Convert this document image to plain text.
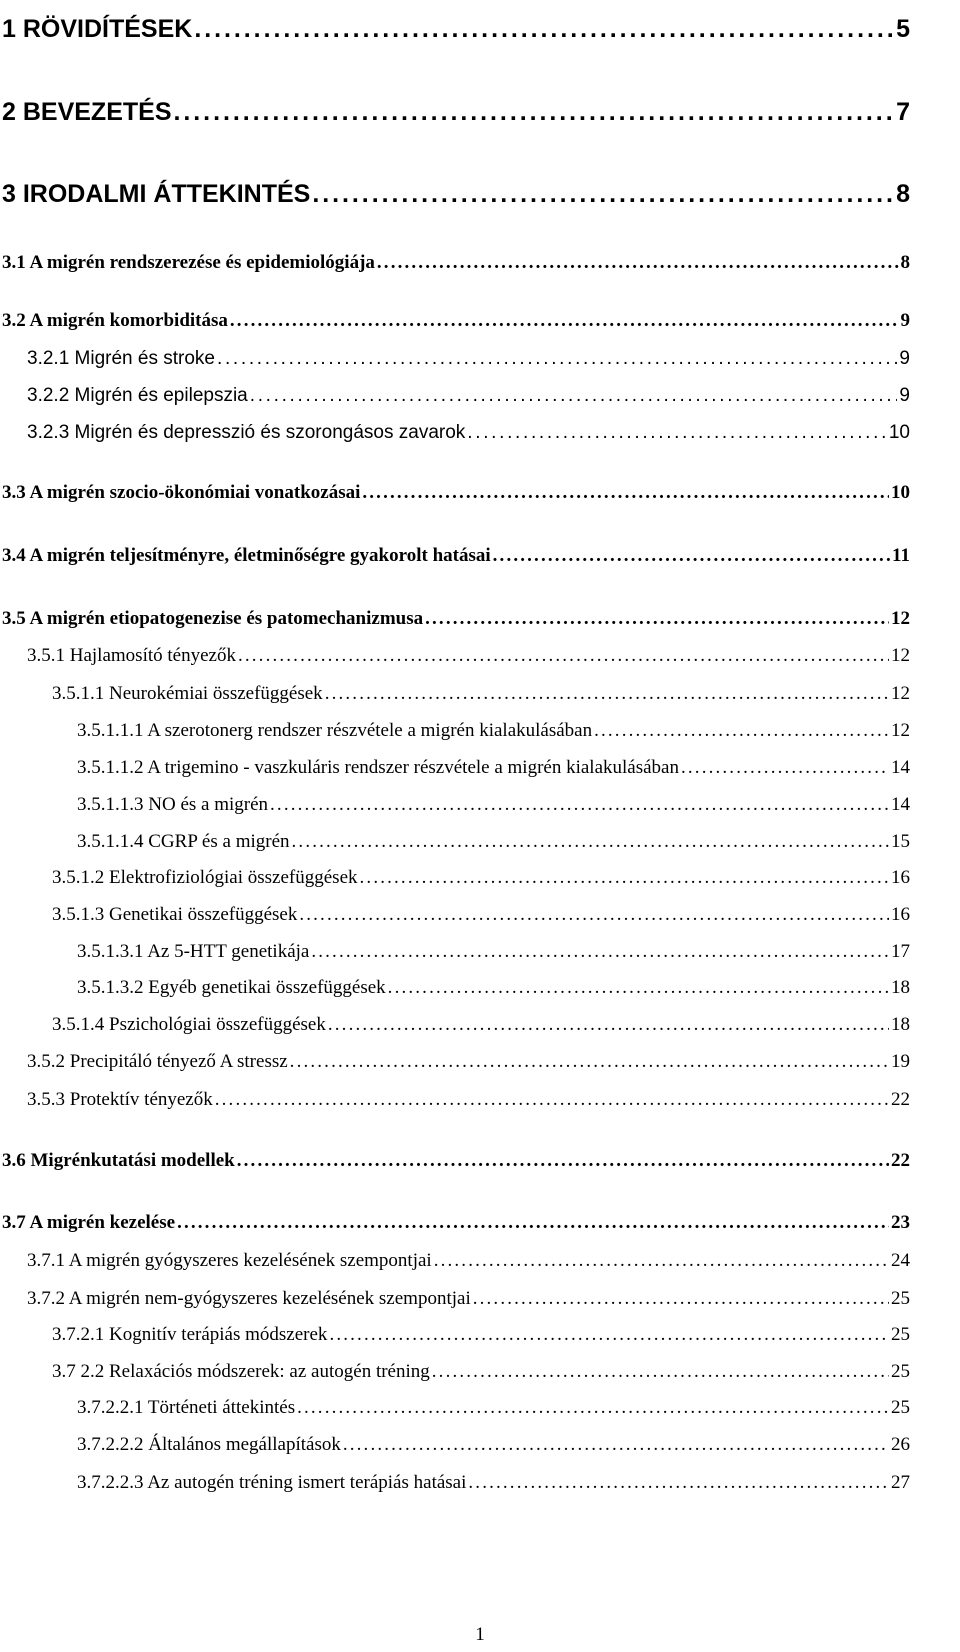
1 RÖVIDÍTÉSEK . . .	5
2 BEVEZETÉS . . .	7
3 IRODALMI ÁTTEKINTÉS . . .	8
3.1 A migrén rendszerezése és epidemiológiája . . .	8
3.2 A migrén komorbiditása . . .	9
3.2.1 Migrén és stroke . . .	9
3.2.2 Migrén és epilepszia . . .	9
3.2.3 Migrén és depresszió és szorongásos zavarok . . .	10
3.3 A migrén szocio-ökonómiai vonatkozásai . . .	10
3.4 A migrén teljesítményre, életminőségre gyakorolt hatásai . . .	11
3.5 A migrén etiopatogenezise és patomechanizmusa . . .	12
3.5.1 Hajlamosító tényezők . . .	12
3.5.1.1 Neurokémiai összefüggések . . .	12
3.5.1.1.1 A szerotonerg rendszer részvétele a migrén kialakulásában . . .	12
3.5.1.1.2 A trigemino - vaszkuláris rendszer részvétele a migrén kialakulásában . . .	14
3.5.1.1.3 NO és a migrén . . .	14
3.5.1.1.4 CGRP és a migrén . . .	15
3.5.1.2 Elektrofiziológiai összefüggések . . .	16
3.5.1.3 Genetikai összefüggések . . .	16
3.5.1.3.1 Az 5-HTT genetikája . . .	17
3.5.1.3.2 Egyéb genetikai összefüggések . . .	18
3.5.1.4 Pszichológiai összefüggések . . .	18
3.5.2 Precipitáló tényező A stressz . . .	19
3.5.3 Protektív tényezők . . .	22
3.6 Migrénkutatási modellek . . .	22
3.7 A migrén kezelése . . .	23
3.7.1 A migrén gyógyszeres kezelésének szempontjai . . .	24
3.7.2 A migrén nem-gyógyszeres kezelésének szempontjai . . .	25
3.7.2.1 Kognitív terápiás módszerek . . .	25
3.7 2.2 Relaxációs módszerek: az autogén tréning . . .	25
3.7.2.2.1 Történeti áttekintés . . .	25
3.7.2.2.2 Általános megállapítások . . .	26
3.7.2.2.3 Az autogén tréning ismert terápiás hatásai . . .	27
1
